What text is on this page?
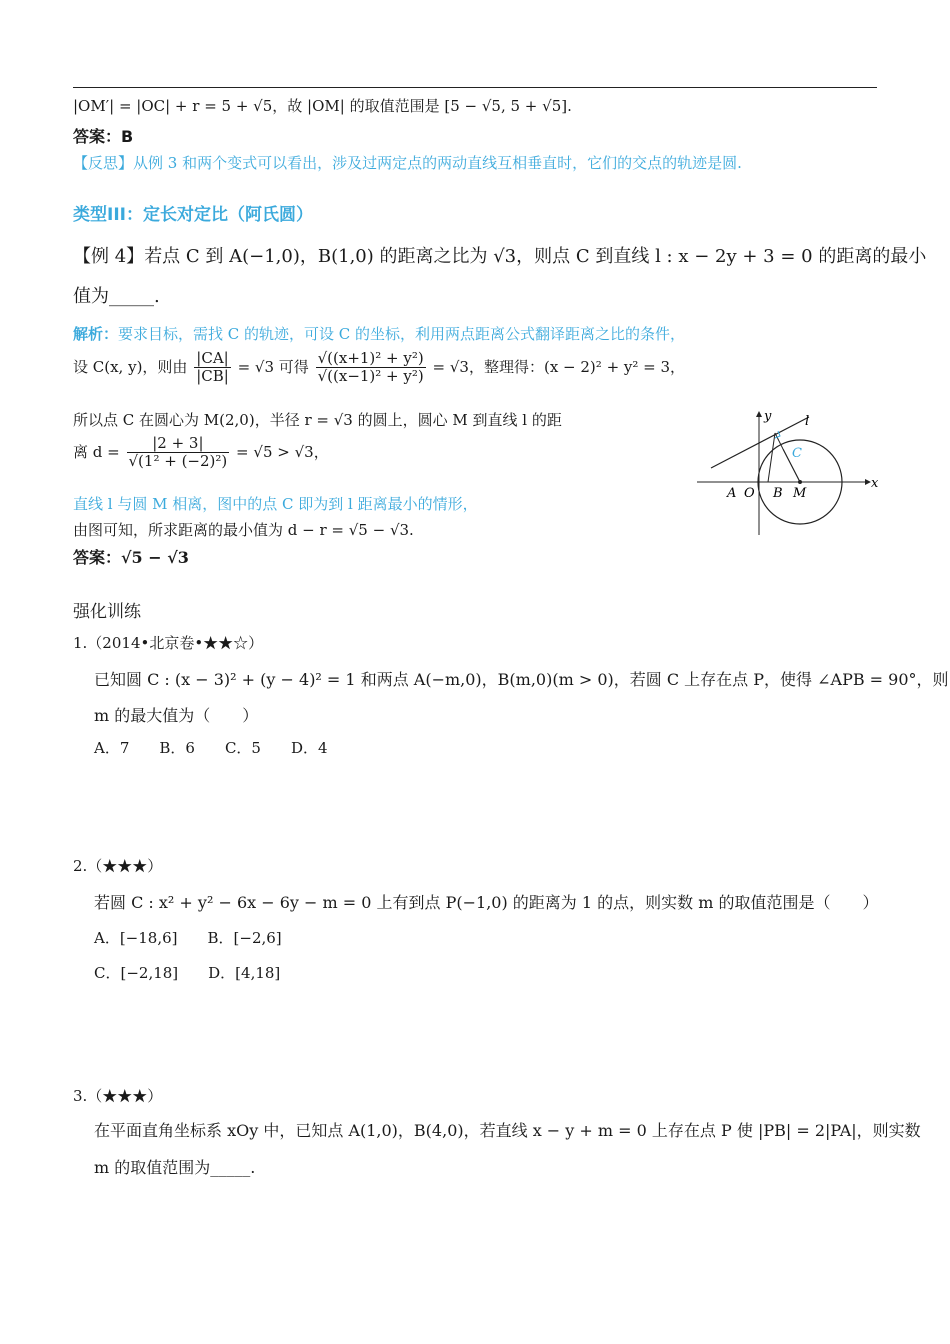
|OM′| = |OC| + r = 5 + √5，故 |OM| 的取值范围是 [5 − √5, 5 + √5].
答案：B
【反思】从例 3 和两个变式可以看出，涉及过两定点的两动直线互相垂直时，它们的交点的轨迹是圆.
类型III：定长对定比（阿氏圆）
【例 4】若点 C 到 A(−1,0)，B(1,0) 的距离之比为 √3，则点 C 到直线 l : x − 2y + 3 = 0 的距离的最小
值为_____.
解析：要求目标，需找 C 的轨迹，可设 C 的坐标，利用两点距离公式翻译距离之比的条件，
设 C(x, y)，则由 $\frac{|CA|}{|CB|} = √3$ 可得 $\frac{\text{√((x+1)² + y²)}}{\text{√((x−1)² + y²)}} = √3$，整理得：(x − 2)² + y² = 3，
所以点 C 在圆心为 M(2,0)，半径 r = √3 的圆上，圆心 M 到直线 l 的距
离 $d = \frac{|2 + 3|}{\text{√(1² + (−2)²)}} = √5 > √3$，
直线 l 与圆 M 相离，图中的点 C 即为到 l 距离最小的情形，
由图可知，所求距离的最小值为 d − r = √5 − √3.
答案：√5 − √3
y
x
l
C
A O B M
强化训练
1.（2014•北京卷•★★☆）
已知圆 C : (x − 3)² + (y − 4)² = 1 和两点 A(−m,0)，B(m,0)(m > 0)，若圆 C 上存在点 P，使得 ∠APB = 90°，则
m 的最大值为（　　）
A．7　　B．6　　C．5　　D．4
2.（★★★）
若圆 C : x² + y² − 6x − 6y − m = 0 上有到点 P(−1,0) 的距离为 1 的点，则实数 m 的取值范围是（　　）
A．[−18,6]　　B．[−2,6]
C．[−2,18]　　D．[4,18]
3.（★★★）
在平面直角坐标系 xOy 中，已知点 A(1,0)，B(4,0)，若直线 x − y + m = 0 上存在点 P 使 |PB| = 2|PA|，则实数
m 的取值范围为_____.
